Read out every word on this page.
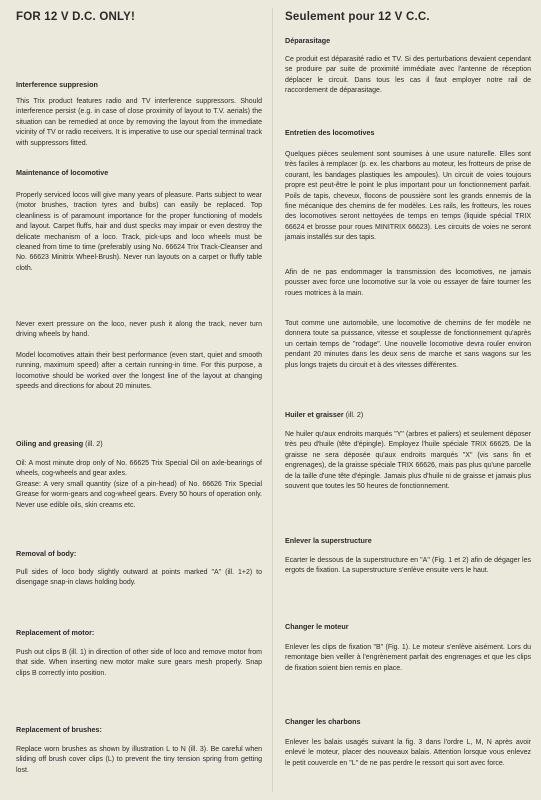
FOR 12 V D.C. ONLY!
Interference suppresion

This Trix product features radio and TV interference suppressors. Should interference persist (e.g. in case of close proximity of layout to T.V. aerials) the situation can be remedied at once by removing the layout from the immediate vicinity of TV or radio receivers. It is imperative to use our special terminal track with suppressors fitted.

Maintenance of locomotive

Properly serviced locos will give many years of pleasure. Parts subject to wear (motor brushes, traction tyres and bulbs) can easily be replaced. Top cleanliness is of paramount importance for the proper functioning of models and layout. Carpet fluffs, hair and dust specks may impair or even destroy the delicate mechanism of a loco. Track, pick-ups and loco wheels must be cleaned from time to time (preferably using No. 66624 Trix Track-Cleanser and No. 66623 Minitrix Wheel-Brush). Never run layouts on a carpet or fluffy table cloth.

Never exert pressure on the loco, never push it along the track, never turn driving wheels by hand.

Model locomotives attain their best performance (even start, quiet and smooth running, maximum speed) after a certain running-in time. For this purpose, a locomotive should be worked over the longest line of the layout at changing speeds and directions for about 20 minutes.

Oiling and greasing (ill. 2)

Oil: A most minute drop only of No. 66625 Trix Special Oil on axle-bearings of wheels, cog-wheels and gear axles.

Grease: A very small quantity (size of a pin-head) of No. 66626 Trix Special Grease for worm-gears and cog-wheel gears. Every 50 hours of operation only. Never use edible oils, skin creams etc.

Removal of body:

Pull sides of loco body slightly outward at points marked "A" (ill. 1+2) to disengage snap-in claws holding body.

Replacement of motor:

Push out clips B (ill. 1) in direction of other side of loco and remove motor from that side. When inserting new motor make sure gears mesh properly. Snap clips B correctly into position.

Replacement of brushes:

Replace worn brushes as shown by illustration L to N (ill. 3). Be careful when sliding off brush cover clips (L) to prevent the tiny tension spring from getting lost.

Seulement pour 12 V C.C.
Déparasitage

Ce produit est déparasité radio et TV. Si des perturbations devaient cependant se produire par suite de proximité immédiate avec l'antenne de réception déplacer le circuit. Dans tous les cas il faut employer notre rail de raccordement de déparasitage.

Entretien des locomotives

Quelques pièces seulement sont soumises à une usure naturelle. Elles sont très faciles à remplacer (p. ex. les charbons au moteur, les frotteurs de prise de courant, les bandages plastiques les ampoules). Un circuit de voies toujours propre est peut-être le point le plus important pour un fonctionnement parfait. Poils de tapis, cheveux, flocons de poussière sont les grands ennemis de la fine mécanique des chemins de fer modèles. Les rails, les frotteurs, les roues des locomotives seront nettoyées de temps en temps (liquide spécial TRIX 66624 et brosse pour roues MINITRIX 66623). Les circuits de voies ne seront jamais installés sur des tapis.

Afin de ne pas endommager la transmission des locomotives, ne jamais pousser avec force une locomotive sur la voie ou essayer de faire tourner les roues motrices à la main.

Tout comme une automobile, une locomotive de chemins de fer modèle ne donnera toute sa puissance, vitesse et souplesse de fonctionnement qu'après un certain temps de "rodage". Une nouvelle locomotive devra rouler environ pendant 20 minutes dans les deux sens de marche et sans wagons sur les plus longs trajets du circuit et à des vitesses différentes.

Huiler et graisser (ill. 2)

Ne huiler qu'aux endroits marqués "Y" (arbres et paliers) et seulement déposer très peu d'huile (tête d'épingle). Employez l'huile spéciale TRIX 66625. De la graisse ne sera déposée qu'aux endroits marqués "X" (vis sans fin et engrenages), de la graisse spéciale TRIX 66626, mais pas plus qu'une parcelle de la taille d'une tête d'épingle. Jamais plus d'huile ni de graisse et jamais plus souvent que toutes les 50 heures de fonctionnement.

Enlever la superstructure

Ecarter le dessous de la superstructure en "A" (Fig. 1 et 2) afin de dégager les ergots de fixation. La superstructure s'enlève ensuite vers le haut.

Changer le moteur

Enlever les clips de fixation "B" (Fig. 1). Le moteur s'enlève aisément. Lors du remontage bien veiller à l'engrènement parfait des engrenages et que les clips de fixation soient bien remis en place.

Changer les charbons

Enlever les balais usagés suivant la fig. 3 dans l'ordre L, M, N après avoir enlevé le moteur, placer des nouveaux balais. Attention lorsque vous enlevez le petit couvercle en "L" de ne pas perdre le ressort qui sort avec force.
